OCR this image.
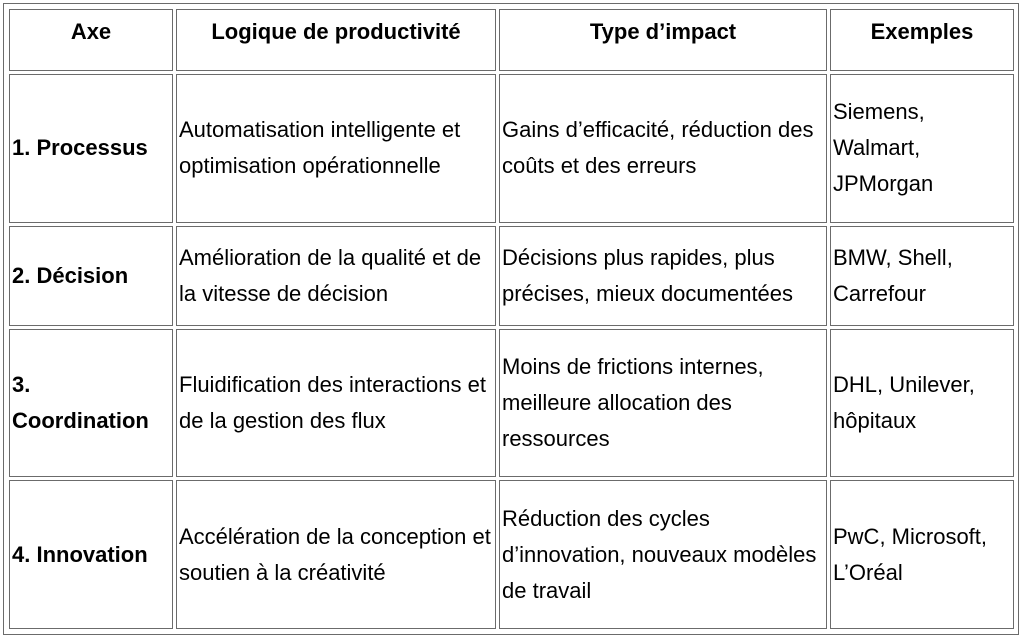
Axe	Logique de productivité	Type d’impact	Exemples
1. Processus	Automatisation intelligente et optimisation opérationnelle	Gains d’efficacité, réduction des coûts et des erreurs	Siemens, Walmart, JPMorgan
2. Décision	Amélioration de la qualité et de la vitesse de décision	Décisions plus rapides, plus précises, mieux documentées	BMW, Shell, Carrefour
3. Coordination	Fluidification des interactions et de la gestion des flux	Moins de frictions internes, meilleure allocation des ressources	DHL, Unilever, hôpitaux
4. Innovation	Accélération de la conception et soutien à la créativité	Réduction des cycles d’innovation, nouveaux modèles de travail	PwC, Microsoft, L’Oréal
